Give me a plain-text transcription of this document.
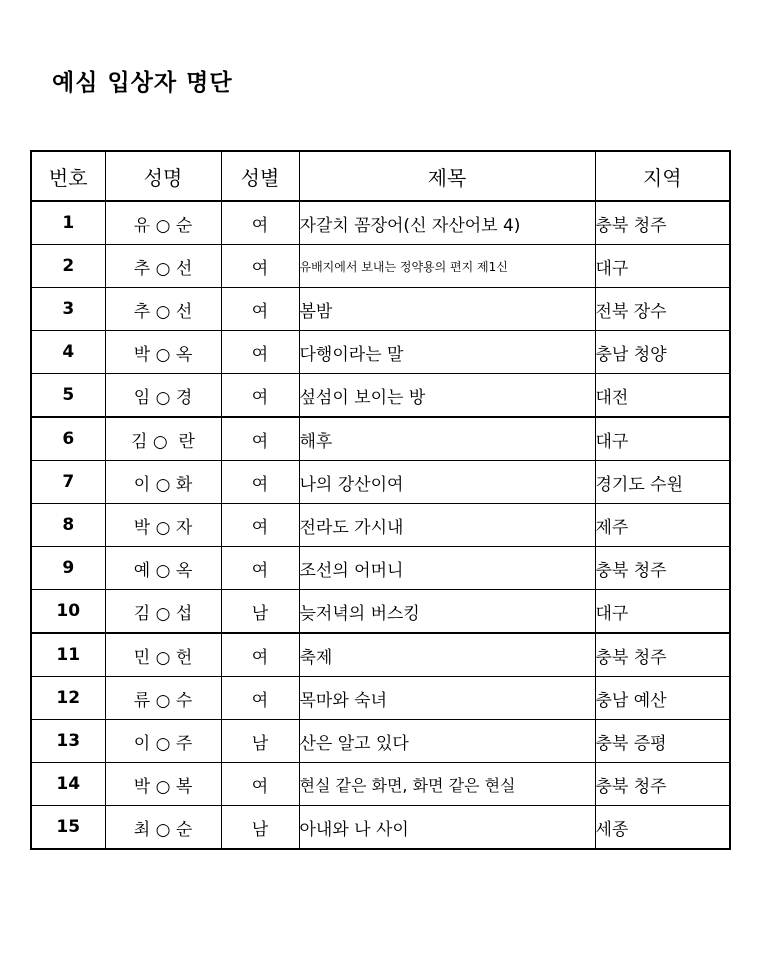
예심 입상자 명단
번호	성명	성별	제목	지역
1	유 ○ 순	여	자갈치 꼼장어(신 자산어보 4)	충북 청주
2	추 ○ 선	여	유배지에서 보내는 정약용의 편지 제1신	대구
3	추 ○ 선	여	봄밤	전북 장수
4	박 ○ 옥	여	다행이라는 말	충남 청양
5	임 ○ 경	여	섶섬이 보이는 방	대전
6	김 ○  란	여	해후	대구
7	이 ○ 화	여	나의 강산이여	경기도 수원
8	박 ○ 자	여	전라도 가시내	제주
9	예 ○ 옥	여	조선의 어머니	충북 청주
10	김 ○ 섭	남	늦저녁의 버스킹	대구
11	민 ○ 헌	여	축제	충북 청주
12	류 ○ 수	여	목마와 숙녀	충남 예산
13	이 ○ 주	남	산은 알고 있다	충북 증평
14	박 ○ 복	여	현실 같은 화면, 화면 같은 현실	충북 청주
15	최 ○ 순	남	아내와 나 사이	세종
